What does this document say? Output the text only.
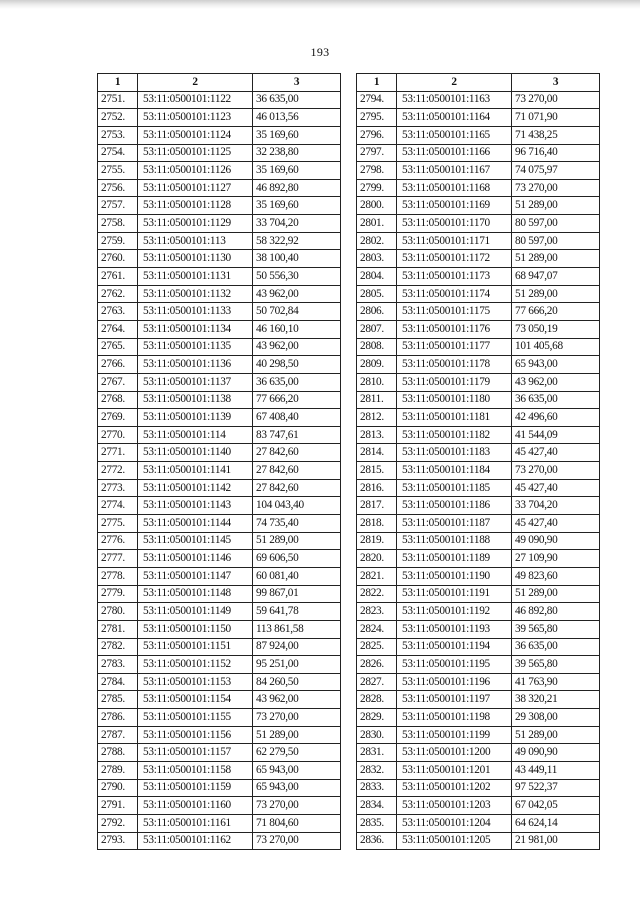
193
1	2	3
2751.	53:11:0500101:1122	36 635,00
2752.	53:11:0500101:1123	46 013,56
2753.	53:11:0500101:1124	35 169,60
2754.	53:11:0500101:1125	32 238,80
2755.	53:11:0500101:1126	35 169,60
2756.	53:11:0500101:1127	46 892,80
2757.	53:11:0500101:1128	35 169,60
2758.	53:11:0500101:1129	33 704,20
2759.	53:11:0500101:113	58 322,92
2760.	53:11:0500101:1130	38 100,40
2761.	53:11:0500101:1131	50 556,30
2762.	53:11:0500101:1132	43 962,00
2763.	53:11:0500101:1133	50 702,84
2764.	53:11:0500101:1134	46 160,10
2765.	53:11:0500101:1135	43 962,00
2766.	53:11:0500101:1136	40 298,50
2767.	53:11:0500101:1137	36 635,00
2768.	53:11:0500101:1138	77 666,20
2769.	53:11:0500101:1139	67 408,40
2770.	53:11:0500101:114	83 747,61
2771.	53:11:0500101:1140	27 842,60
2772.	53:11:0500101:1141	27 842,60
2773.	53:11:0500101:1142	27 842,60
2774.	53:11:0500101:1143	104 043,40
2775.	53:11:0500101:1144	74 735,40
2776.	53:11:0500101:1145	51 289,00
2777.	53:11:0500101:1146	69 606,50
2778.	53:11:0500101:1147	60 081,40
2779.	53:11:0500101:1148	99 867,01
2780.	53:11:0500101:1149	59 641,78
2781.	53:11:0500101:1150	113 861,58
2782.	53:11:0500101:1151	87 924,00
2783.	53:11:0500101:1152	95 251,00
2784.	53:11:0500101:1153	84 260,50
2785.	53:11:0500101:1154	43 962,00
2786.	53:11:0500101:1155	73 270,00
2787.	53:11:0500101:1156	51 289,00
2788.	53:11:0500101:1157	62 279,50
2789.	53:11:0500101:1158	65 943,00
2790.	53:11:0500101:1159	65 943,00
2791.	53:11:0500101:1160	73 270,00
2792.	53:11:0500101:1161	71 804,60
2793.	53:11:0500101:1162	73 270,00
1	2	3
2794.	53:11:0500101:1163	73 270,00
2795.	53:11:0500101:1164	71 071,90
2796.	53:11:0500101:1165	71 438,25
2797.	53:11:0500101:1166	96 716,40
2798.	53:11:0500101:1167	74 075,97
2799.	53:11:0500101:1168	73 270,00
2800.	53:11:0500101:1169	51 289,00
2801.	53:11:0500101:1170	80 597,00
2802.	53:11:0500101:1171	80 597,00
2803.	53:11:0500101:1172	51 289,00
2804.	53:11:0500101:1173	68 947,07
2805.	53:11:0500101:1174	51 289,00
2806.	53:11:0500101:1175	77 666,20
2807.	53:11:0500101:1176	73 050,19
2808.	53:11:0500101:1177	101 405,68
2809.	53:11:0500101:1178	65 943,00
2810.	53:11:0500101:1179	43 962,00
2811.	53:11:0500101:1180	36 635,00
2812.	53:11:0500101:1181	42 496,60
2813.	53:11:0500101:1182	41 544,09
2814.	53:11:0500101:1183	45 427,40
2815.	53:11:0500101:1184	73 270,00
2816.	53:11:0500101:1185	45 427,40
2817.	53:11:0500101:1186	33 704,20
2818.	53:11:0500101:1187	45 427,40
2819.	53:11:0500101:1188	49 090,90
2820.	53:11:0500101:1189	27 109,90
2821.	53:11:0500101:1190	49 823,60
2822.	53:11:0500101:1191	51 289,00
2823.	53:11:0500101:1192	46 892,80
2824.	53:11:0500101:1193	39 565,80
2825.	53:11:0500101:1194	36 635,00
2826.	53:11:0500101:1195	39 565,80
2827.	53:11:0500101:1196	41 763,90
2828.	53:11:0500101:1197	38 320,21
2829.	53:11:0500101:1198	29 308,00
2830.	53:11:0500101:1199	51 289,00
2831.	53:11:0500101:1200	49 090,90
2832.	53:11:0500101:1201	43 449,11
2833.	53:11:0500101:1202	97 522,37
2834.	53:11:0500101:1203	67 042,05
2835.	53:11:0500101:1204	64 624,14
2836.	53:11:0500101:1205	21 981,00
